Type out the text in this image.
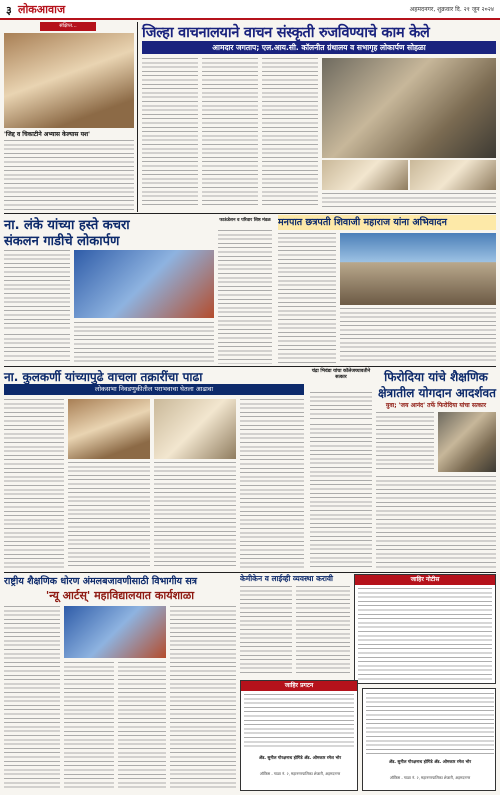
३ लोकआवाज	अहमदनगर, शुक्रवार दि. २१ जून २०२४
संक्षिप्त...
'जिद्द व चिकाटीने अभ्यास केल्यास यश'
जिल्हा वाचनालयाने वाचन संस्कृती रुजविण्याचे काम केले
आमदार जगताप; एल.आय.सी. कॉलनीत ग्रंथालय व सभागृह लोकार्पण सोहळा
ना. लंके यांच्या हस्ते कचरा
संकलन गाडीचे लोकार्पण
फाऊंडेशन व परिवार शिष्ठ मंडळ मनपात छत्रपती शिवाजी महाराज यांना अभिवादन
ना. कुलकर्णी यांच्यापुढे वाचला तक्रारींचा पाढा
लोकसभा निवडणुकीतील पराभवाचा घेतला आढावा
चंद्रा भिवंडा यांचा कॉलेजच्यावतीने सत्कार	फिरोदिया यांचे शैक्षणिक
क्षेत्रातील योगदान आदर्शवत
युवा; 'जय आनंद' तर्फे फिरोदिया यांचा सत्कार
राष्ट्रीय शैक्षणिक धोरण अंमलबजावणीसाठी विभागीय सत्र
'न्यू आर्टस्' महाविद्यालयात कार्यशाळा
केमीकेन व लाईव्ही व्यवस्था करावी	जाहिर नोटीस
जाहिर प्रगटन
ॲड. सुनील गोरक्षनाथ होगिडे ॲड. ओमकार रमेश भोर
ऑफिस - गाळा नं. २, महानगरपालिका शेजारी, अहमदनगर
ॲड. सुनील गोरक्षनाथ होगिडे ॲड. ओमकार रमेश भोर
ऑफिस - गाळा नं. २, महानगरपालिका शेजारी, अहमदनगर
